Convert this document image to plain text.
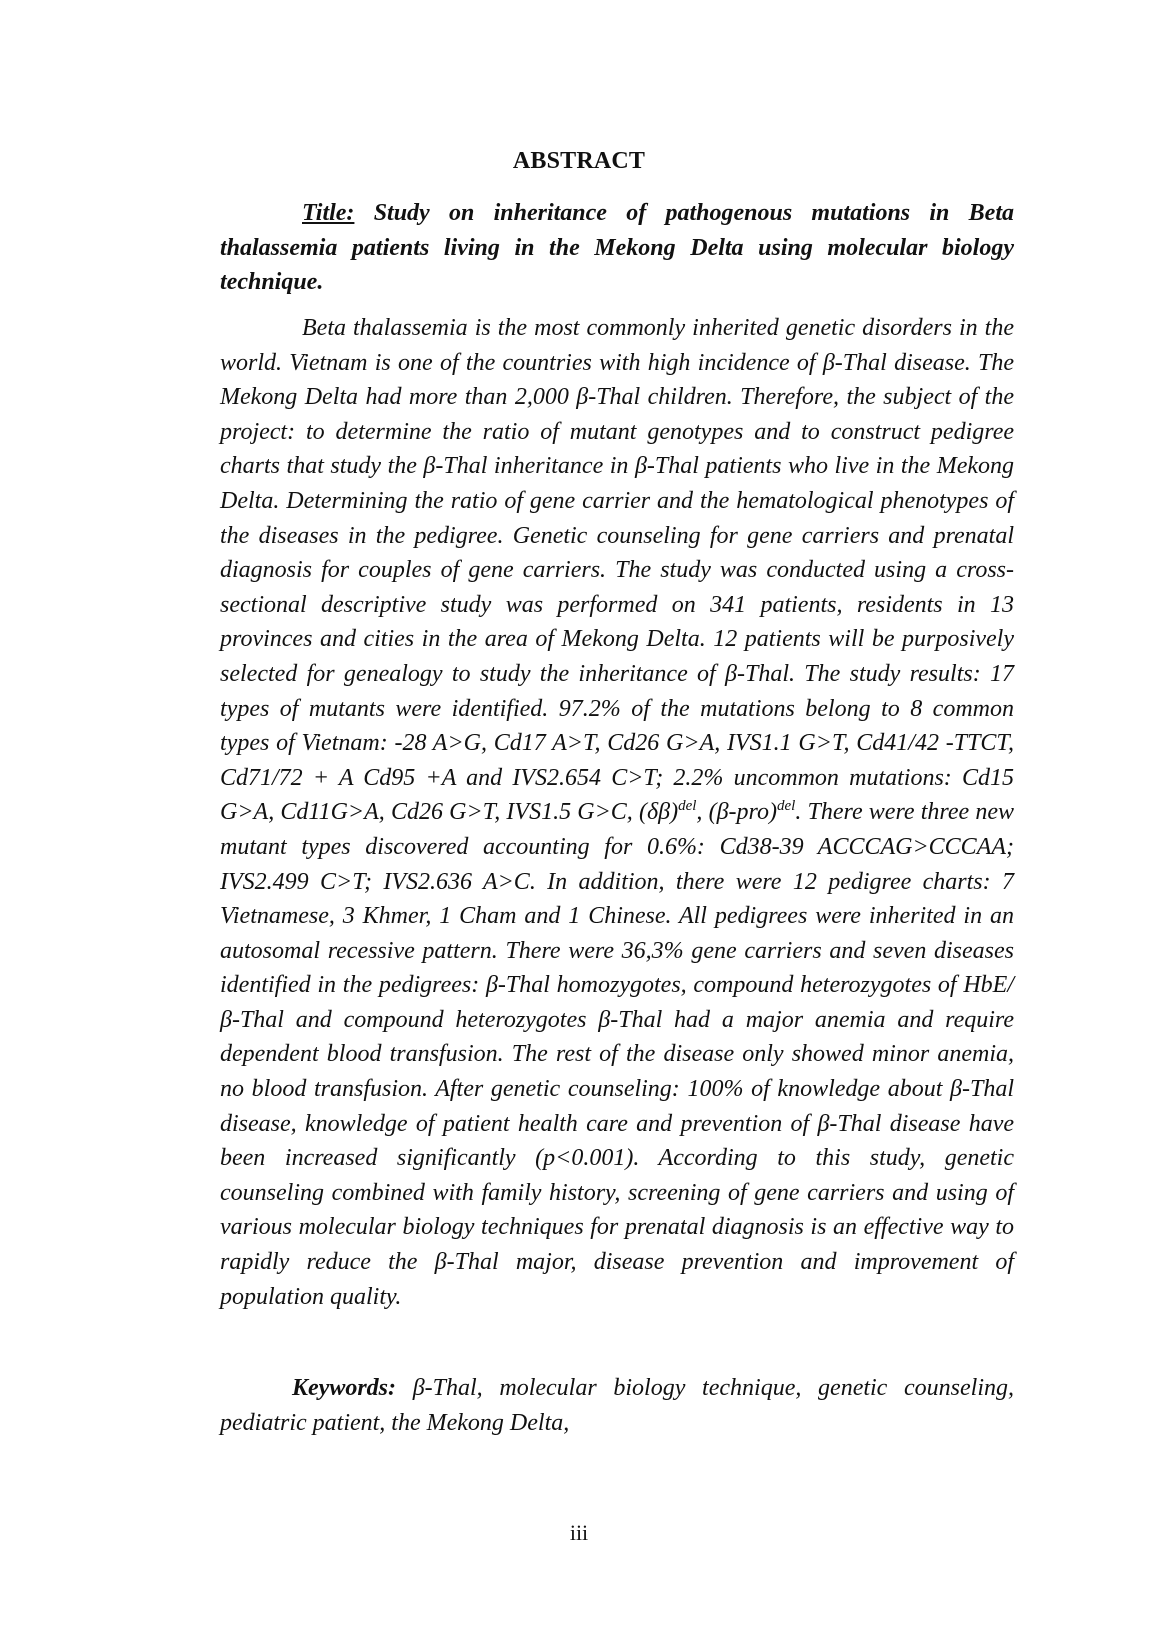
ABSTRACT

Title: Study on inheritance of pathogenous mutations in Beta thalassemia patients living in the Mekong Delta using molecular biology technique.

Beta thalassemia is the most commonly inherited genetic disorders in the world. Vietnam is one of the countries with high incidence of β-Thal disease. The Mekong Delta had more than 2,000 β-Thal children. Therefore, the subject of the project: to determine the ratio of mutant genotypes and to construct pedigree charts that study the β-Thal inheritance in β-Thal patients who live in the Mekong Delta. Determining the ratio of gene carrier and the hematological phenotypes of the diseases in the pedigree. Genetic counseling for gene carriers and prenatal diagnosis for couples of gene carriers. The study was conducted using a cross-sectional descriptive study was performed on 341 patients, residents in 13 provinces and cities in the area of Mekong Delta. 12 patients will be purposively selected for genealogy to study the inheritance of β-Thal. The study results: 17 types of mutants were identified. 97.2% of the mutations belong to 8 common types of Vietnam: -28 A>G, Cd17 A>T, Cd26 G>A, IVS1.1 G>T, Cd41/42 -TTCT, Cd71/72 + A Cd95 +A and IVS2.654 C>T; 2.2% uncommon mutations: Cd15 G>A, Cd11G>A, Cd26 G>T, IVS1.5 G>C, $(\delta\beta)^{del}$, $(\beta-pro)^{del}$. There were three new mutant types discovered accounting for 0.6%: Cd38-39 ACCCAG>CCCAA; IVS2.499 C>T; IVS2.636 A>C. In addition, there were 12 pedigree charts: 7 Vietnamese, 3 Khmer, 1 Cham and 1 Chinese. All pedigrees were inherited in an autosomal recessive pattern. There were 36,3% gene carriers and seven diseases identified in the pedigrees: β-Thal homozygotes, compound heterozygotes of HbE/β-Thal and compound heterozygotes β-Thal had a major anemia and require dependent blood transfusion. The rest of the disease only showed minor anemia, no blood transfusion. After genetic counseling: 100% of knowledge about β-Thal disease, knowledge of patient health care and prevention of β-Thal disease have been increased significantly (p<0.001). According to this study, genetic counseling combined with family history, screening of gene carriers and using of various molecular biology techniques for prenatal diagnosis is an effective way to rapidly reduce the β-Thal major, disease prevention and improvement of population quality.

Keywords: β-Thal, molecular biology technique, genetic counseling, pediatric patient, the Mekong Delta,

iii
